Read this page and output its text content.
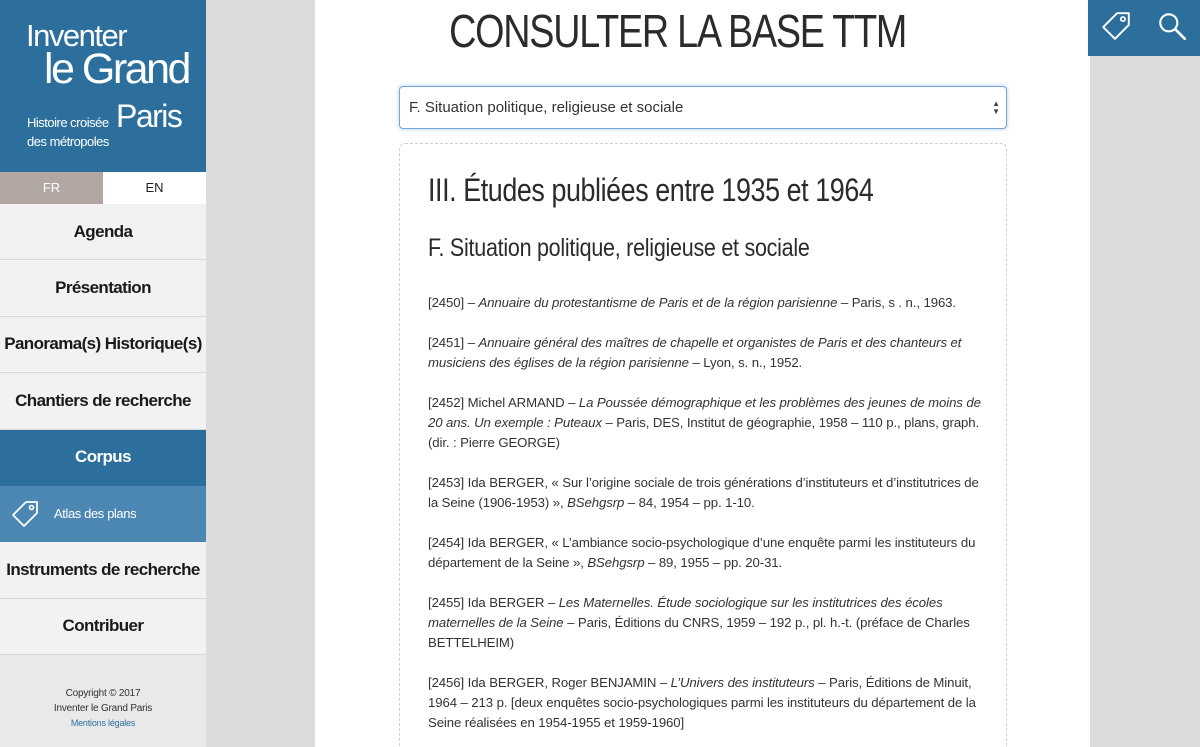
Inventer
le Grand
Paris
Histoire croisée
des métropoles
FR	EN
Agenda
Présentation
Panorama(s) Historique(s)
Chantiers de recherche
Corpus
Atlas des plans
Instruments de recherche
Contribuer
Copyright © 2017
Inventer le Grand Paris
Mentions légales
CONSULTER LA BASE TTM
F. Situation politique, religieuse et sociale	▲
▼
III. Études publiées entre 1935 et 1964
F. Situation politique, religieuse et sociale

[2450] – Annuaire du protestantisme de Paris et de la région parisienne – Paris, s . n., 1963.

[2451] – Annuaire général des maîtres de chapelle et organistes de Paris et des chanteurs et musiciens des églises de la région parisienne – Lyon, s. n., 1952.

[2452] Michel ARMAND – La Poussée démographique et les problèmes des jeunes de moins de 20 ans. Un exemple : Puteaux – Paris, DES, Institut de géographie, 1958 – 110 p., plans, graph. (dir. : Pierre GEORGE)

[2453] Ida BERGER, « Sur l’origine sociale de trois générations d’instituteurs et d’institutrices de la Seine (1906-1953) », BSehgsrp – 84, 1954 – pp. 1-10.

[2454] Ida BERGER, « L’ambiance socio-psychologique d’une enquête parmi les instituteurs du département de la Seine », BSehgsrp – 89, 1955 – pp. 20-31.

[2455] Ida BERGER – Les Maternelles. Étude sociologique sur les institutrices des écoles maternelles de la Seine – Paris, Éditions du CNRS, 1959 – 192 p., pl. h.-t. (préface de Charles BETTELHEIM)

[2456] Ida BERGER, Roger BENJAMIN – L’Univers des instituteurs – Paris, Éditions de Minuit, 1964 – 213 p. [deux enquêtes socio-psychologiques parmi les instituteurs du département de la Seine réalisées en 1954-1955 et 1959-1960]
